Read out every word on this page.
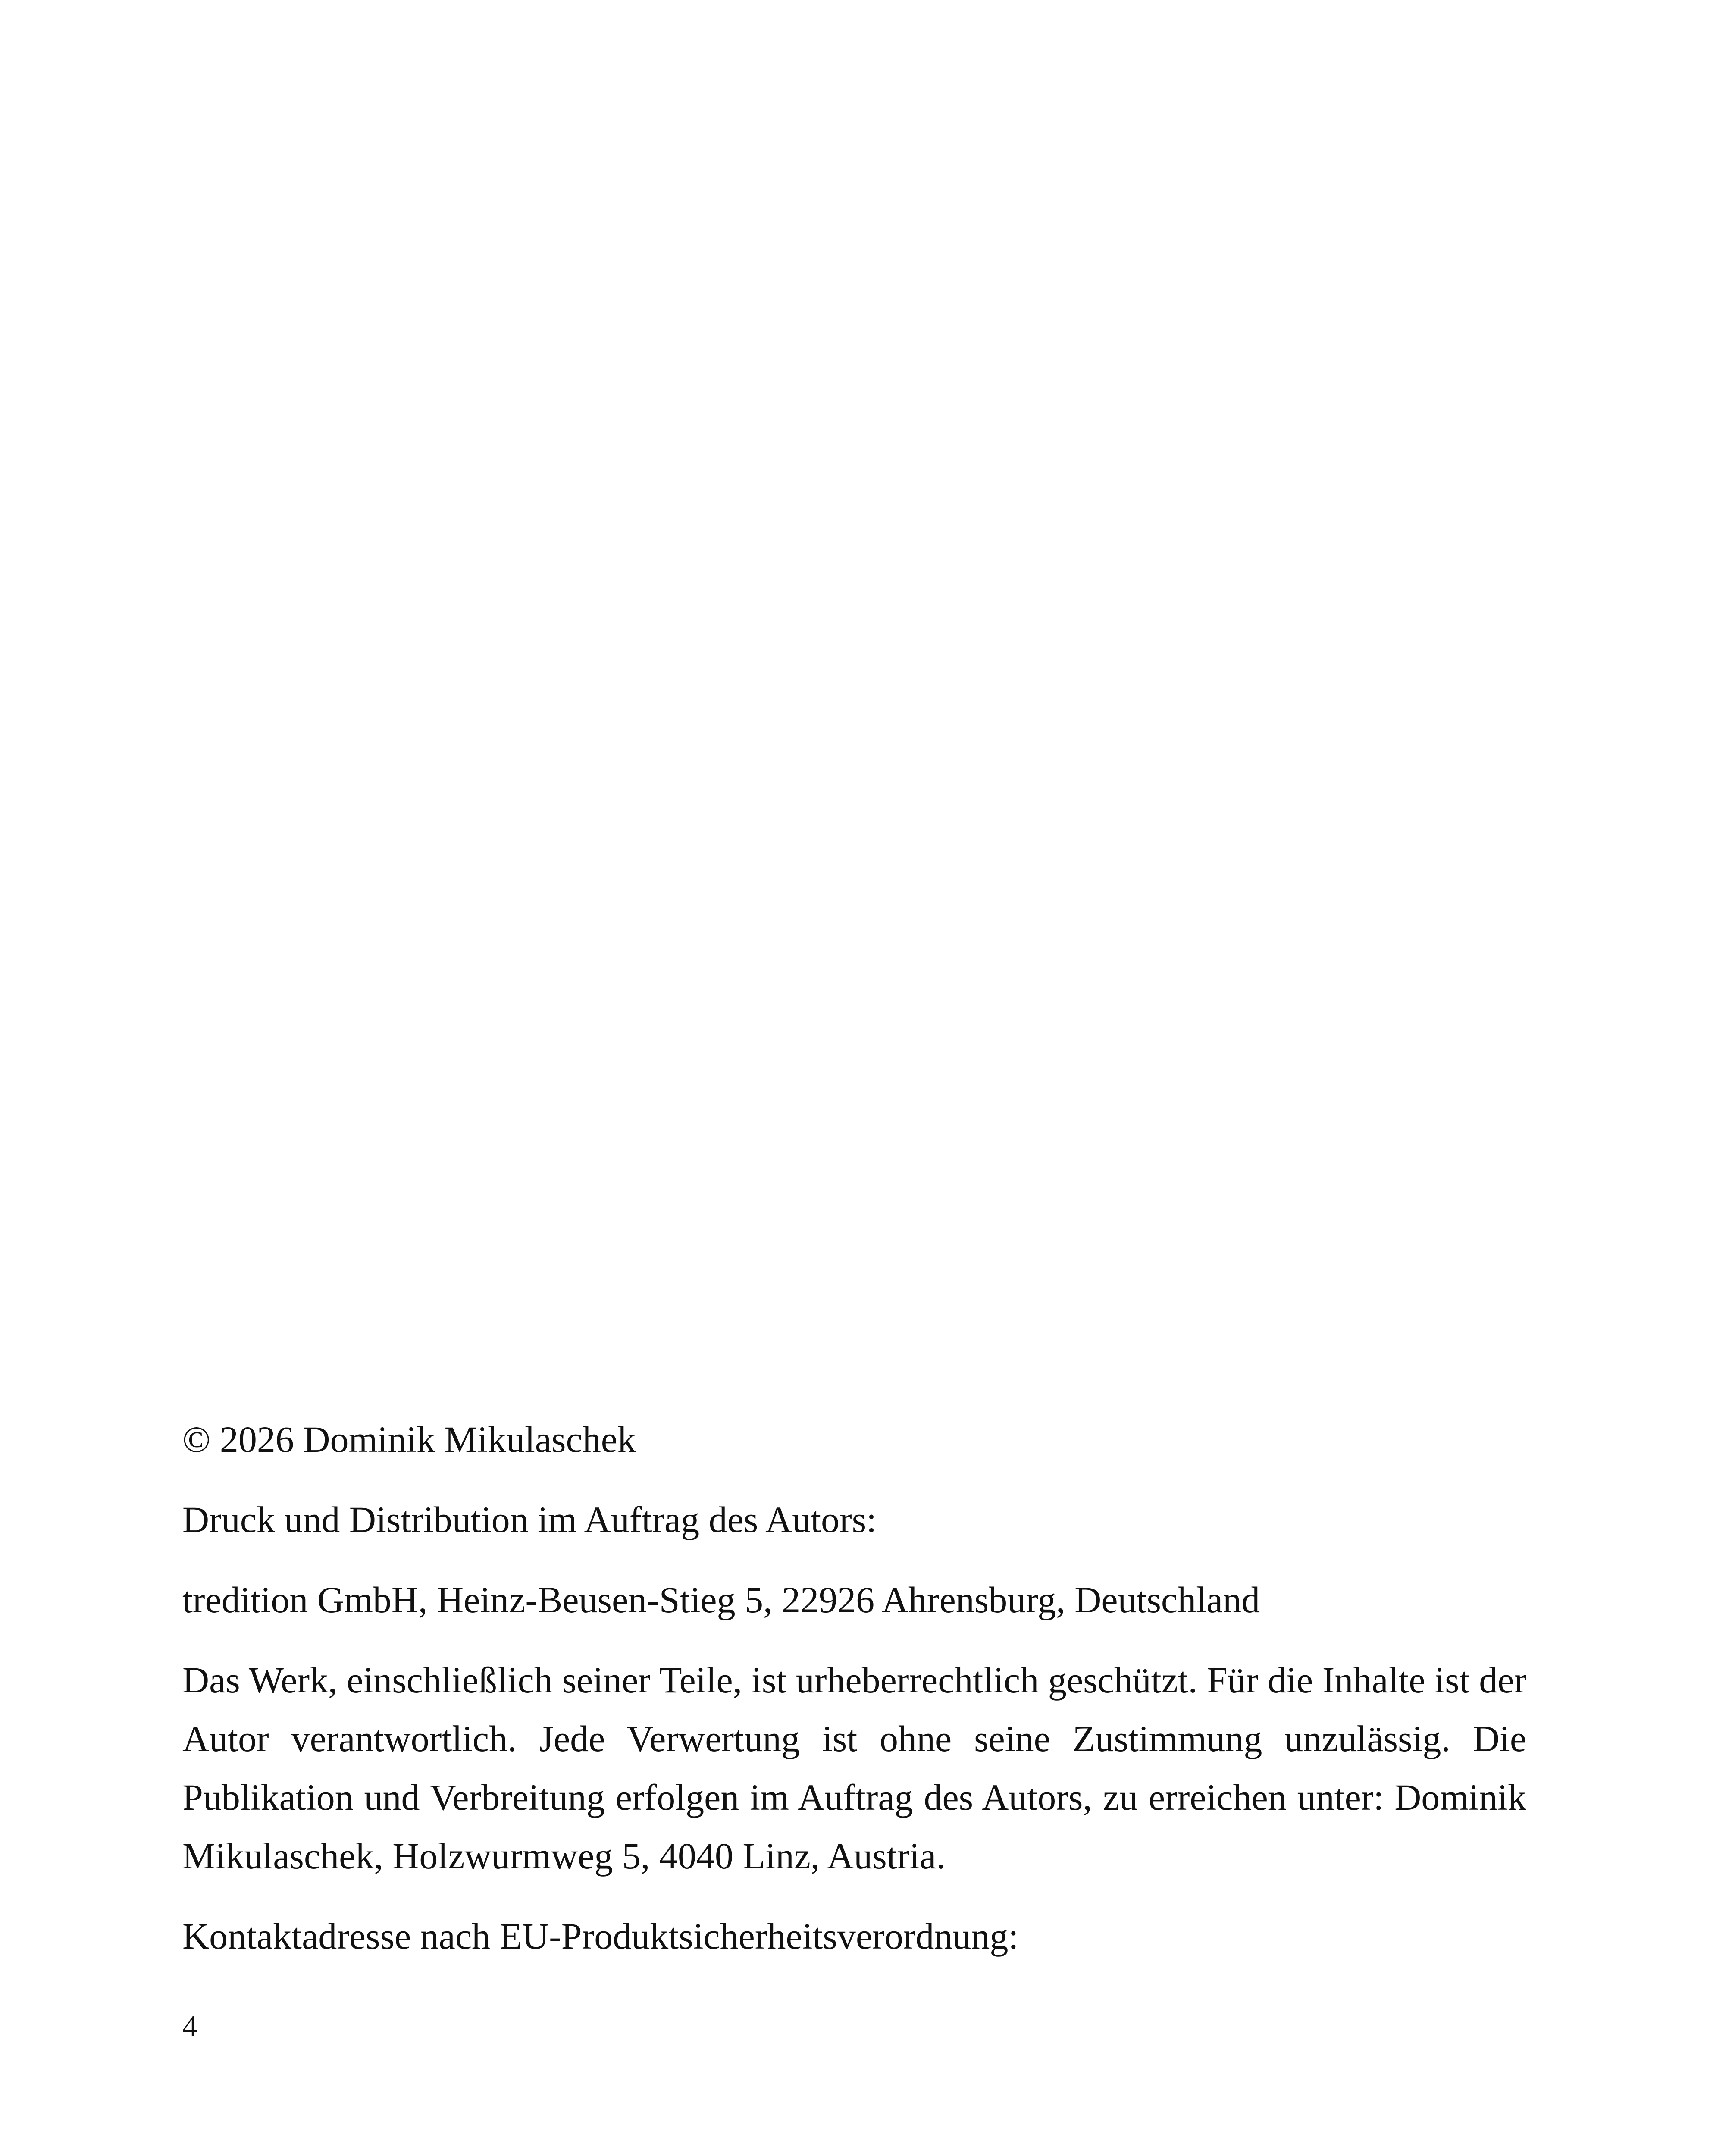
© 2026 Dominik Mikulaschek

Druck und Distribution im Auftrag des Autors:

tredition GmbH, Heinz-Beusen-Stieg 5, 22926 Ahrensburg, Deutschland

Das Werk, einschließlich seiner Teile, ist urheberrechtlich geschützt. Für die Inhalte ist der Autor verantwortlich. Jede Verwertung ist ohne seine Zustimmung unzulässig. Die Publikation und Verbreitung erfolgen im Auftrag des Autors, zu erreichen unter: Dominik Mikulaschek, Holzwurmweg 5, 4040 Linz, Austria.

Kontaktadresse nach EU-Produktsicherheitsverordnung:

4
